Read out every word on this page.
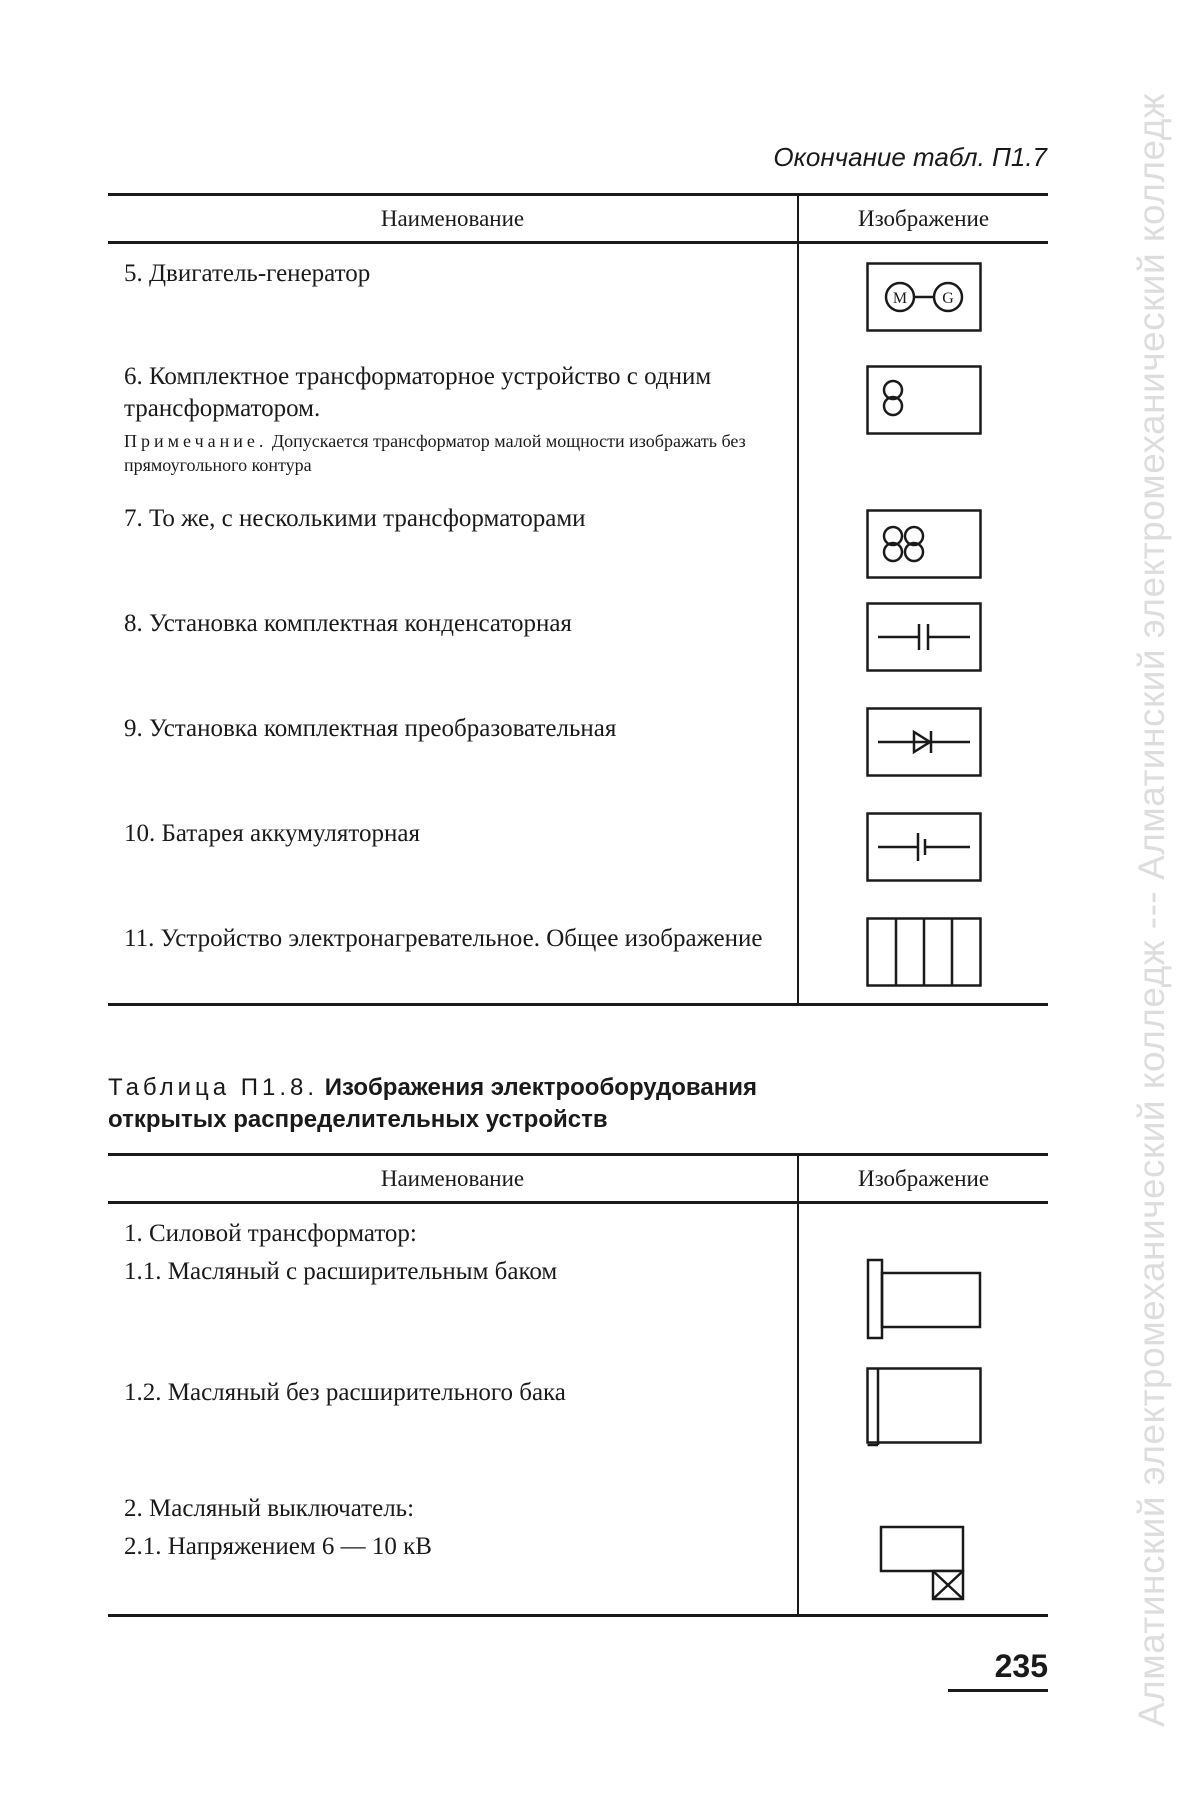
Алматинский электромеханический колледж --- Алматинский электромеханический колледж
Окончание табл. П1.7
Наименование	Изображение

5. Двигатель-генератор	M G

6. Комплектное трансформаторное устройство с одним трансформатором.
Примечание. Допускается трансформатор малой мощности изображать без прямоугольного контура

7. То же, с несколькими трансформаторами

8. Установка комплектная конденсаторная

9. Установка комплектная преобразовательная

10. Батарея аккумуляторная

11. Устройство электронагревательное. Общее изображение

Таблица П1.8. Изображения электрооборудования открытых распределительных устройств
Наименование	Изображение

1. Силовой трансформатор:	

1.1. Масляный с расширительным баком

1.2. Масляный без расширительного бака

2. Масляный выключатель:	

2.1. Напряжением 6 — 10 кВ

235
